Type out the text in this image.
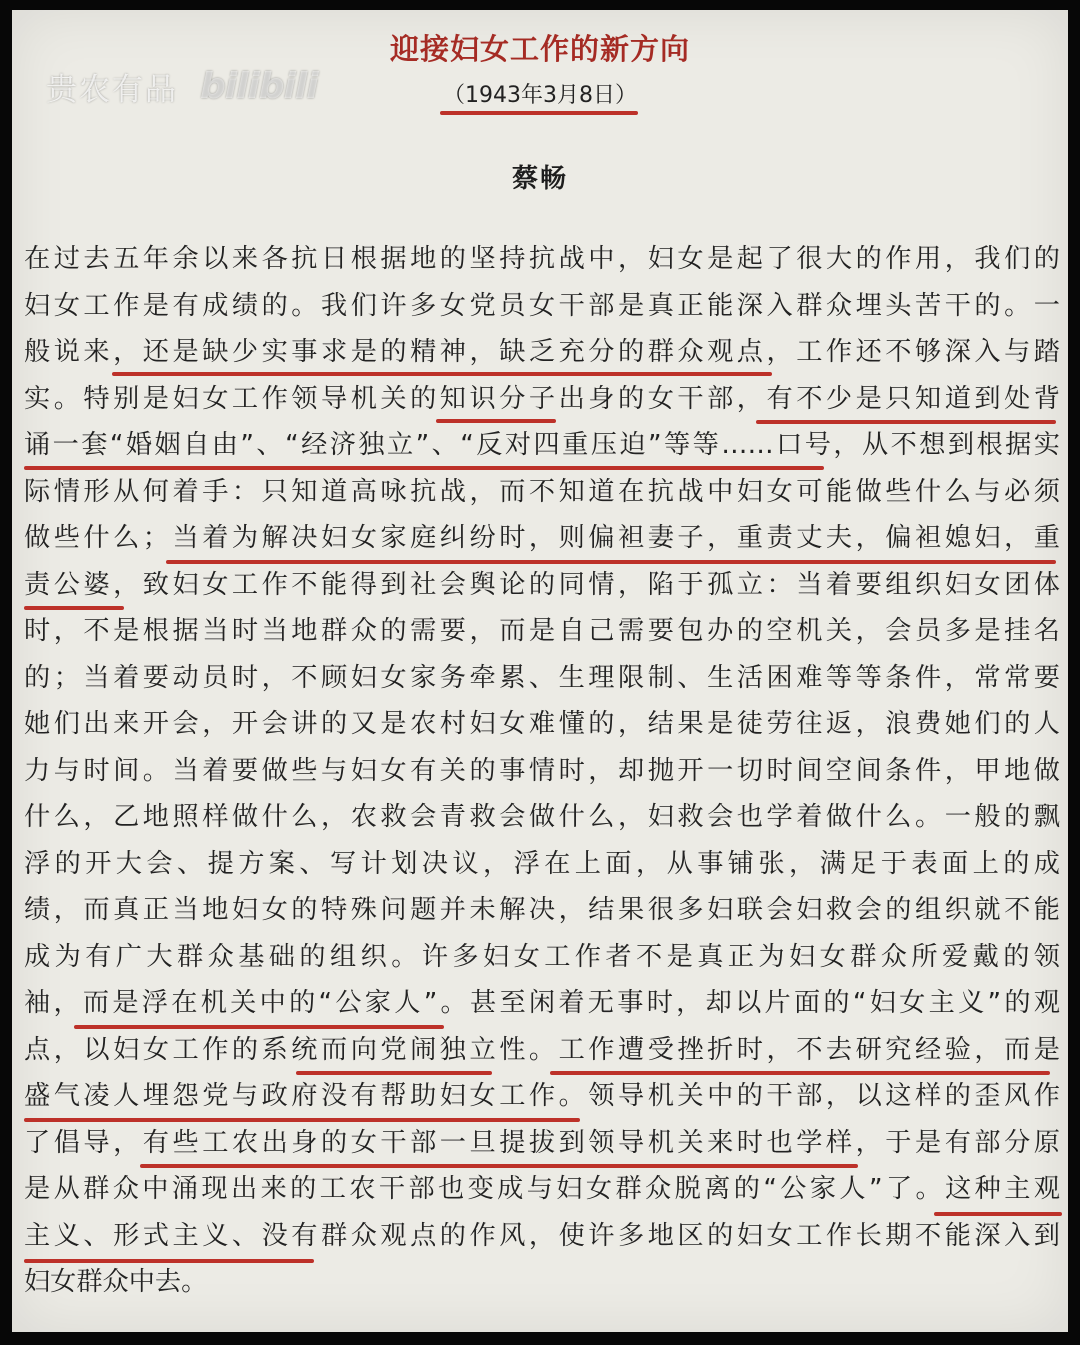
贵农有品 bilibili
迎接妇女工作的新方向
（1943年3月8日）
蔡畅
在过去五年余以来各抗日根据地的坚持抗战中，妇女是起了很大的作用，我们的
妇女工作是有成绩的。我们许多女党员女干部是真正能深入群众埋头苦干的。一
般说来，还是缺少实事求是的精神，缺乏充分的群众观点，工作还不够深入与踏
实。特别是妇女工作领导机关的知识分子出身的女干部，有不少是只知道到处背
诵一套“婚姻自由”、“经济独立”、“反对四重压迫”等等……口号，从不想到根据实
际情形从何着手：只知道高咏抗战，而不知道在抗战中妇女可能做些什么与必须
做些什么；当着为解决妇女家庭纠纷时，则偏袒妻子，重责丈夫，偏袒媳妇，重
责公婆，致妇女工作不能得到社会舆论的同情，陷于孤立：当着要组织妇女团体
时，不是根据当时当地群众的需要，而是自己需要包办的空机关，会员多是挂名
的；当着要动员时，不顾妇女家务牵累、生理限制、生活困难等等条件，常常要
她们出来开会，开会讲的又是农村妇女难懂的，结果是徒劳往返，浪费她们的人
力与时间。当着要做些与妇女有关的事情时，却抛开一切时间空间条件，甲地做
什么，乙地照样做什么，农救会青救会做什么，妇救会也学着做什么。一般的飘
浮的开大会、提方案、写计划决议，浮在上面，从事铺张，满足于表面上的成
绩，而真正当地妇女的特殊问题并未解决，结果很多妇联会妇救会的组织就不能
成为有广大群众基础的组织。许多妇女工作者不是真正为妇女群众所爱戴的领
袖，而是浮在机关中的“公家人”。甚至闲着无事时，却以片面的“妇女主义”的观
点，以妇女工作的系统而向党闹独立性。工作遭受挫折时，不去研究经验，而是
盛气凌人埋怨党与政府没有帮助妇女工作。领导机关中的干部，以这样的歪风作
了倡导，有些工农出身的女干部一旦提拔到领导机关来时也学样，于是有部分原
是从群众中涌现出来的工农干部也变成与妇女群众脱离的“公家人”了。这种主观
主义、形式主义、没有群众观点的作风，使许多地区的妇女工作长期不能深入到
妇女群众中去。
